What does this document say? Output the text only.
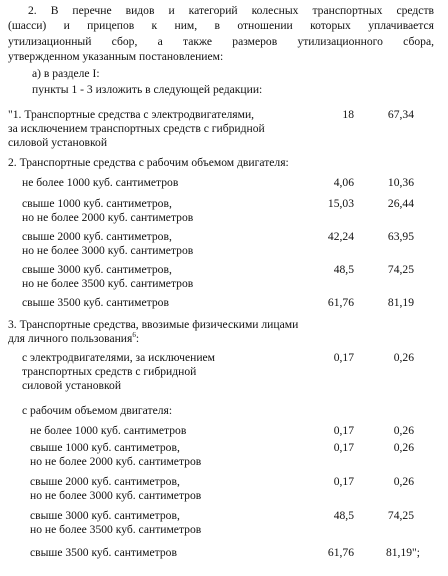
2. В перечне видов и категорий колесных транспортных средств
(шасси) и прицепов к ним, в отношении которых уплачивается
утилизационный сбор, а также размеров утилизационного сбора,
утвержденном указанным постановлением:
а) в разделе I:
пункты 1 - 3 изложить в следующей редакции:
"1. Транспортные средства с электродвигателями,
за исключением транспортных средств с гибридной
силовой установкой
18	67,34
2. Транспортные средства с рабочим объемом двигателя:
не более 1000 куб. сантиметров	4,06	10,36
свыше 1000 куб. сантиметров,
но не более 2000 куб. сантиметров
15,03	26,44
свыше 2000 куб. сантиметров,
но не более 3000 куб. сантиметров
42,24	63,95
свыше 3000 куб. сантиметров,
но не более 3500 куб. сантиметров
48,5	74,25
свыше 3500 куб. сантиметров	61,76	81,19
3. Транспортные средства, ввозимые физическими лицами
для личного пользования$^6$:
с электродвигателями, за исключением
транспортных средств с гибридной
силовой установкой
0,17	0,26
с рабочим объемом двигателя:
не более 1000 куб. сантиметров	0,17	0,26
свыше 1000 куб. сантиметров,
но не более 2000 куб. сантиметров
0,17	0,26
свыше 2000 куб. сантиметров,
но не более 3000 куб. сантиметров
0,17	0,26
свыше 3000 куб. сантиметров,
но не более 3500 куб. сантиметров
48,5	74,25
свыше 3500 куб. сантиметров	61,76	81,19";
